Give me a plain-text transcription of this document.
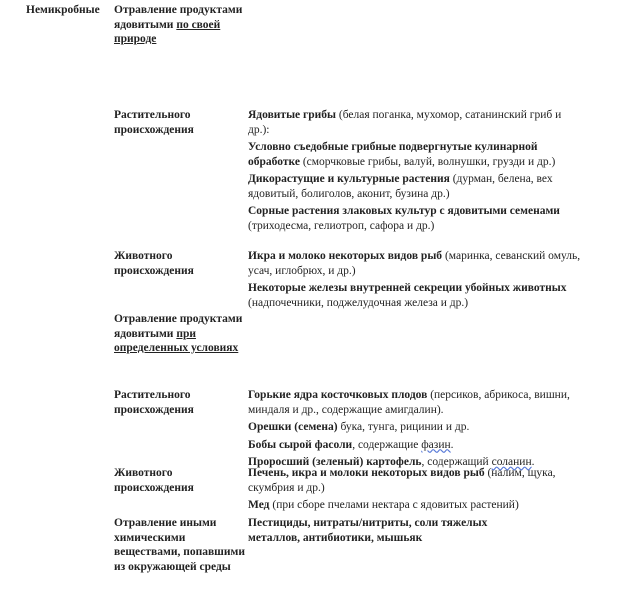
Немикробные	Отравление продуктами ядовитыми по своей природе
Растительного происхождения
Ядовитые грибы (белая поганка, мухомор, сатанинский гриб и др.):
Условно съедобные грибные подвергнутые кулинарной обработке (сморчковые грибы, валуй, волнушки, грузди и др.)
Дикорастущие и культурные растения (дурман, белена, вех ядовитый, болиголов, аконит, бузина др.)
Сорные растения злаковых культур с ядовитыми семенами (триходесма, гелиотроп, сафора и др.)
Животного происхождения
Икра и молоко некоторых видов рыб (маринка, севанский омуль, усач, иглобрюх, и др.)
Некоторые железы внутренней секреции убойных животных (надпочечники, поджелудочная железа и др.)
Отравление продуктами ядовитыми при определенных условиях
Растительного происхождения
Горькие ядра косточковых плодов (персиков, абрикоса, вишни, миндаля и др., содержащие амигдалин).
Орешки (семена) бука, тунга, рицинии и др.
Бобы сырой фасоли, содержащие фазин.
Проросший (зеленый) картофель, содержащий соланин.
Животного происхождения
Печень, икра и молоки некоторых видов рыб (налим, щука, скумбрия и др.)
Мед (при сборе пчелами нектара с ядовитых растений)
Отравление иными химическими веществами, попавшими из окружающей среды
Пестициды, нитраты/нитриты, соли тяжелых металлов, антибиотики, мышьяк
